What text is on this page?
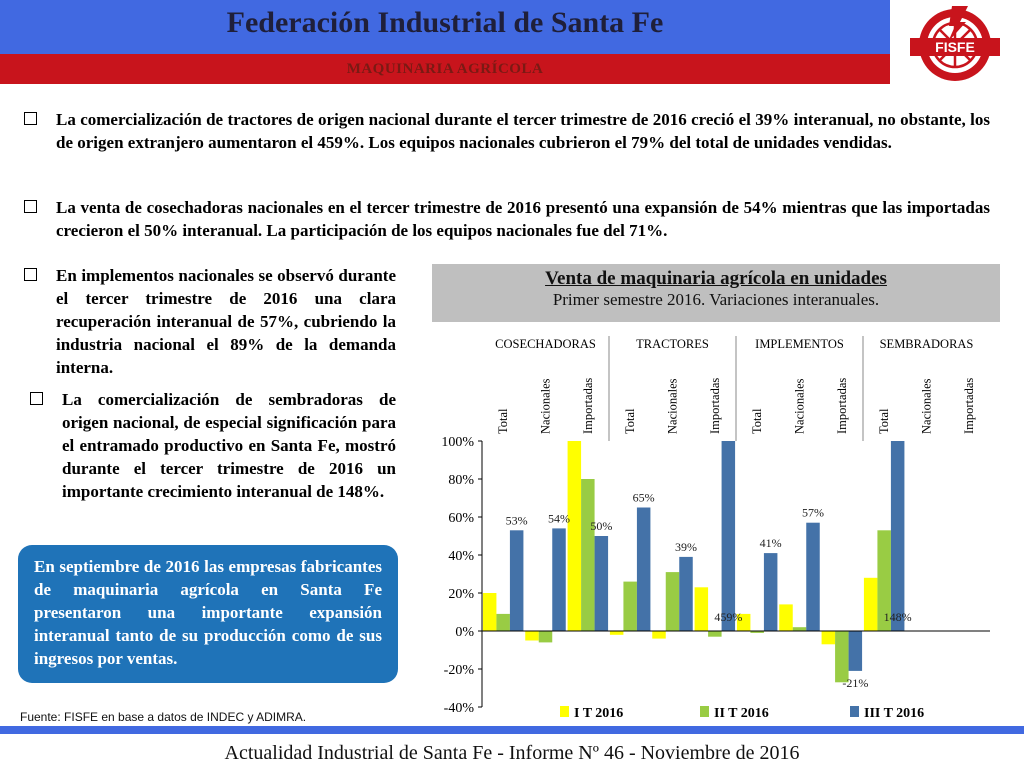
Federación Industrial de Santa Fe
MAQUINARIA AGRÍCOLA
FISFE
La comercialización de tractores de origen nacional durante el tercer trimestre de 2016 creció el 39% interanual, no obstante, los de origen extranjero aumentaron el 459%. Los equipos nacionales cubrieron el 79% del total de unidades vendidas.
La venta de cosechadoras nacionales en el tercer trimestre de 2016 presentó una expansión de 54% mientras que las importadas crecieron el 50% interanual. La participación de los equipos nacionales fue del 71%.
En implementos nacionales se observó durante el tercer trimestre de 2016 una clara recuperación interanual de 57%, cubriendo la industria nacional el 89% de la demanda interna.
La comercialización de sembradoras de origen nacional, de especial significación para el entramado productivo en Santa Fe, mostró durante el tercer trimestre de 2016 un importante crecimiento interanual de 148%.
En septiembre de 2016 las empresas fabricantes de maquinaria agrícola en Santa Fe presentaron una importante expansión interanual tanto de su producción como de sus ingresos por ventas.
Venta de maquinaria agrícola en unidades
Primer semestre 2016. Variaciones interanuales.
100%
80%
60%
40%
20%
0%
-20%
-40%
COSECHADORAS	TRACTORES	IMPLEMENTOS	SEMBRADORAS
Total Nacionales Importadas Total Nacionales Importadas Total Nacionales Importadas Total Nacionales Importadas
53% 54%
50%
65%
39%
459%
41%
57%
-21%
148%
I T 2016	II T 2016	III T 2016
Fuente: FISFE en base a datos de INDEC y ADIMRA.
Actualidad Industrial de Santa Fe - Informe Nº 46 - Noviembre de 2016
